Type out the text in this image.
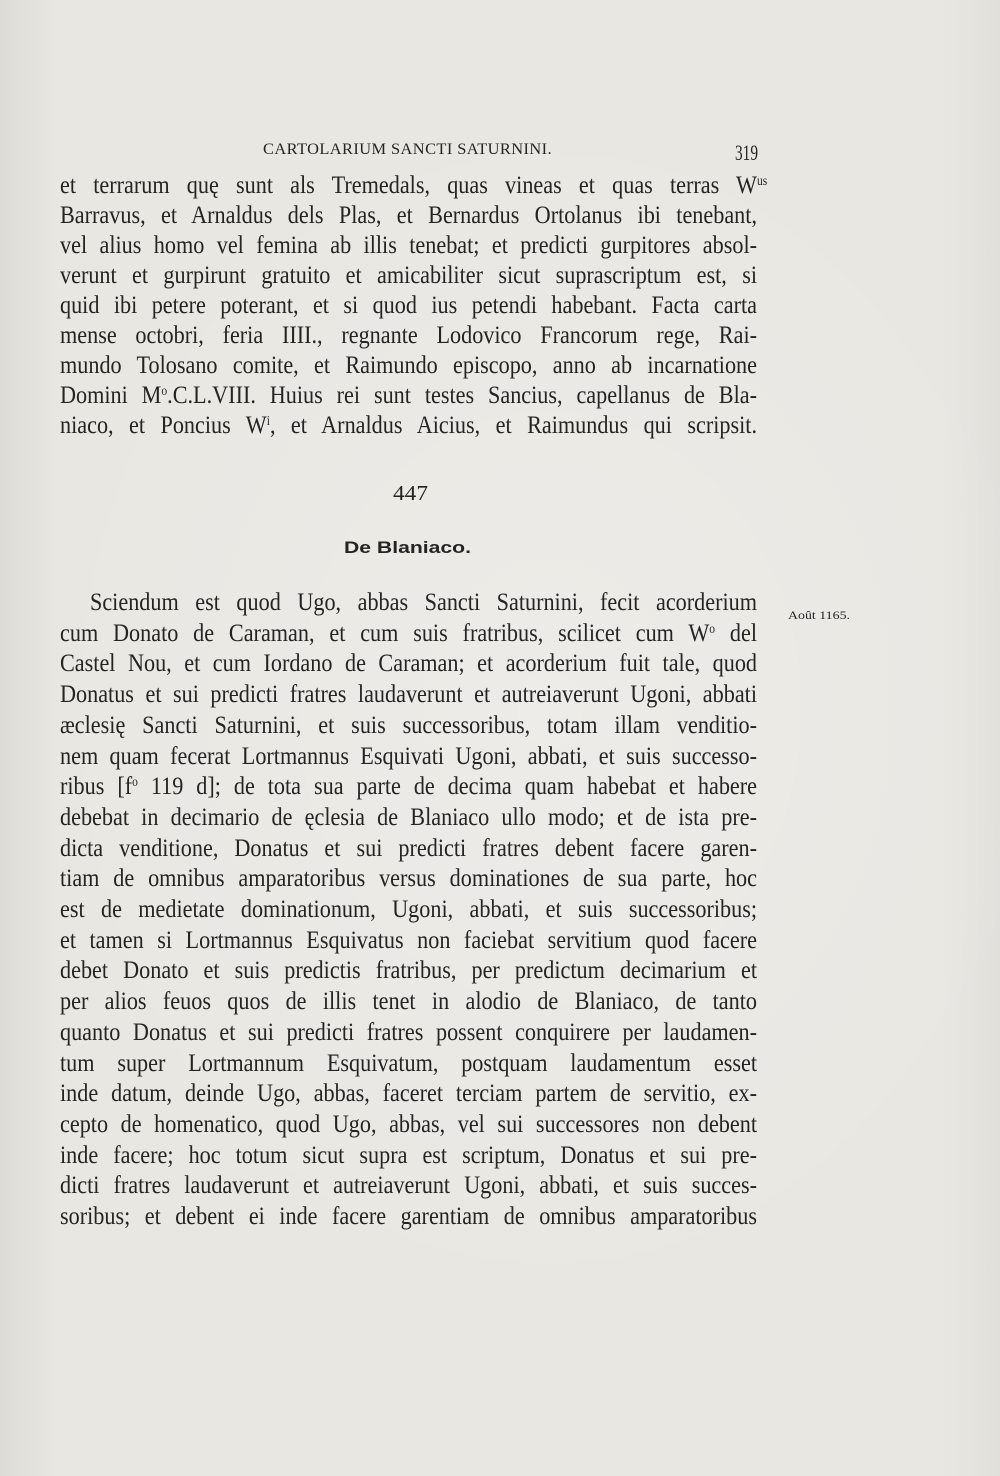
CARTOLARIUM SANCTI SATURNINI.	319
et terrarum quę sunt als Tremedals, quas vineas et quas terras $W^{us}$
Barravus, et Arnaldus dels Plas, et Bernardus Ortolanus ibi tenebant,
vel alius homo vel femina ab illis tenebat; et predicti gurpitores absol-
verunt et gurpirunt gratuito et amicabiliter sicut suprascriptum est, si
quid ibi petere poterant, et si quod ius petendi habebant. Facta carta
mense octobri, feria IIII., regnante Lodovico Francorum rege, Rai-
mundo Tolosano comite, et Raimundo episcopo, anno ab incarnatione
Domini $M^o.C.L.VIII$. Huius rei sunt testes Sancius, capellanus de Bla-
niaco, et Poncius $W^i$, et Arnaldus Aicius, et Raimundus qui scripsit.
447
De Blaniaco.
Août 1165.
Sciendum est quod Ugo, abbas Sancti Saturnini, fecit acorderium
cum Donato de Caraman, et cum suis fratribus, scilicet cum $W^o$ del
Castel Nou, et cum Iordano de Caraman; et acorderium fuit tale, quod
Donatus et sui predicti fratres laudaverunt et autreiaverunt Ugoni, abbati
æclesię Sancti Saturnini, et suis successoribus, totam illam venditio-
nem quam fecerat Lortmannus Esquivati Ugoni, abbati, et suis successo-
ribus [$f^o$ 119 d]; de tota sua parte de decima quam habebat et habere
debebat in decimario de ęclesia de Blaniaco ullo modo; et de ista pre-
dicta venditione, Donatus et sui predicti fratres debent facere garen-
tiam de omnibus amparatoribus versus dominationes de sua parte, hoc
est de medietate dominationum, Ugoni, abbati, et suis successoribus;
et tamen si Lortmannus Esquivatus non faciebat servitium quod facere
debet Donato et suis predictis fratribus, per predictum decimarium et
per alios feuos quos de illis tenet in alodio de Blaniaco, de tanto
quanto Donatus et sui predicti fratres possent conquirere per laudamen-
tum super Lortmannum Esquivatum, postquam laudamentum esset
inde datum, deinde Ugo, abbas, faceret terciam partem de servitio, ex-
cepto de homenatico, quod Ugo, abbas, vel sui successores non debent
inde facere; hoc totum sicut supra est scriptum, Donatus et sui pre-
dicti fratres laudaverunt et autreiaverunt Ugoni, abbati, et suis succes-
soribus; et debent ei inde facere garentiam de omnibus amparatoribus
